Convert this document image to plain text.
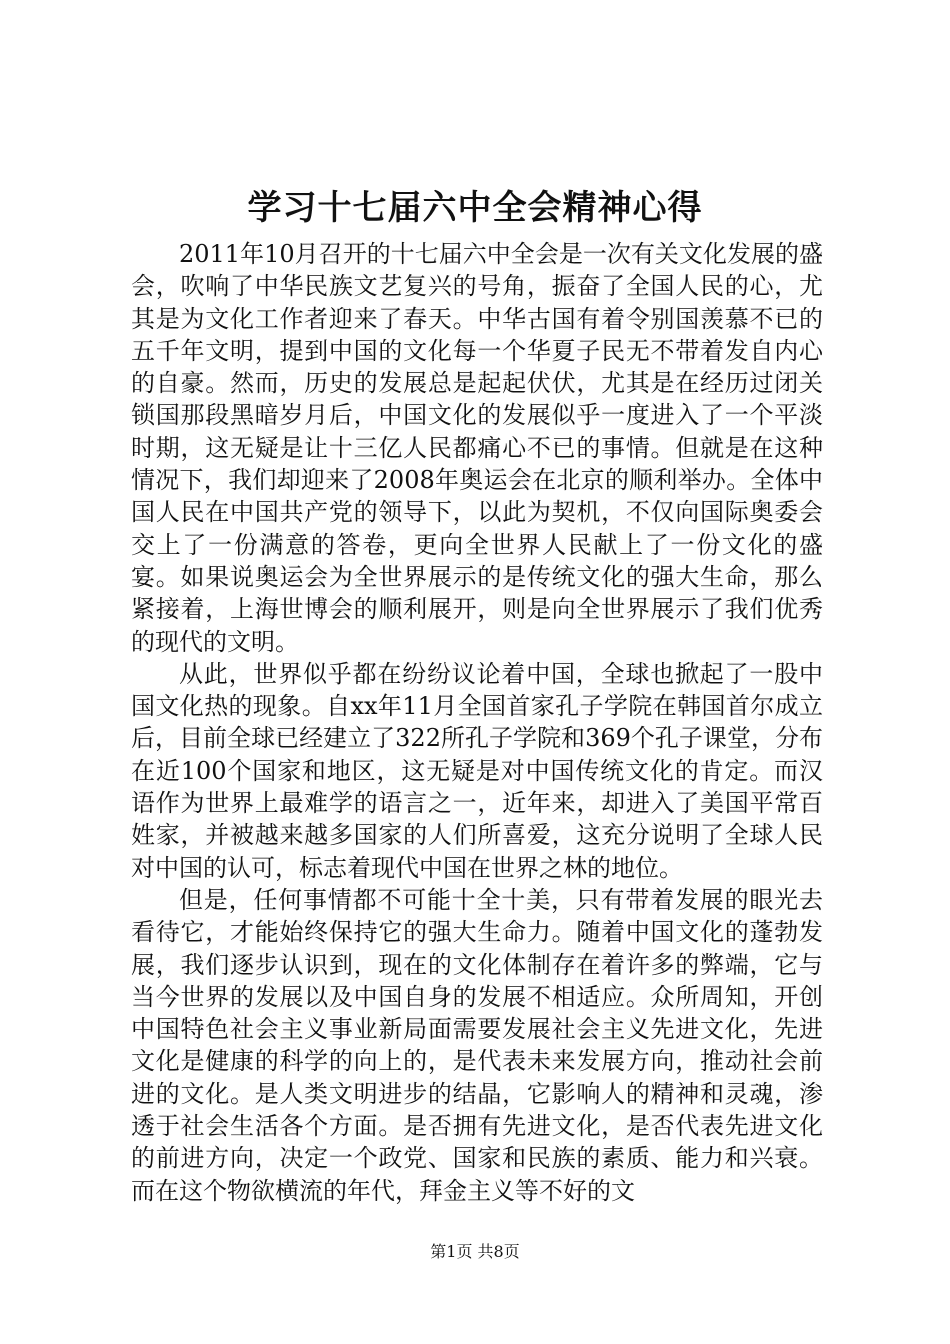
学习十七届六中全会精神心得

2011年10月召开的十七届六中全会是一次有关文化发展的盛会，吹响了中华民族文艺复兴的号角，振奋了全国人民的心，尤其是为文化工作者迎来了春天。中华古国有着令别国羡慕不已的五千年文明，提到中国的文化每一个华夏子民无不带着发自内心的自豪。然而，历史的发展总是起起伏伏，尤其是在经历过闭关锁国那段黑暗岁月后，中国文化的发展似乎一度进入了一个平淡时期，这无疑是让十三亿人民都痛心不已的事情。但就是在这种情况下，我们却迎来了2008年奥运会在北京的顺利举办。全体中国人民在中国共产党的领导下，以此为契机，不仅向国际奥委会交上了一份满意的答卷，更向全世界人民献上了一份文化的盛宴。如果说奥运会为全世界展示的是传统文化的强大生命，那么紧接着，上海世博会的顺利展开，则是向全世界展示了我们优秀的现代的文明。

从此，世界似乎都在纷纷议论着中国，全球也掀起了一股中国文化热的现象。自xx年11月全国首家孔子学院在韩国首尔成立后，目前全球已经建立了322所孔子学院和369个孔子课堂，分布在近100个国家和地区，这无疑是对中国传统文化的肯定。而汉语作为世界上最难学的语言之一，近年来，却进入了美国平常百姓家，并被越来越多国家的人们所喜爱，这充分说明了全球人民对中国的认可，标志着现代中国在世界之林的地位。

但是，任何事情都不可能十全十美，只有带着发展的眼光去看待它，才能始终保持它的强大生命力。随着中国文化的蓬勃发展，我们逐步认识到，现在的文化体制存在着许多的弊端，它与当今世界的发展以及中国自身的发展不相适应。众所周知，开创中国特色社会主义事业新局面需要发展社会主义先进文化，先进文化是健康的科学的向上的，是代表未来发展方向，推动社会前进的文化。是人类文明进步的结晶，它影响人的精神和灵魂，渗透于社会生活各个方面。是否拥有先进文化，是否代表先进文化的前进方向，决定一个政党、国家和民族的素质、能力和兴衰。而在这个物欲横流的年代，拜金主义等不好的文

第1页 共8页
